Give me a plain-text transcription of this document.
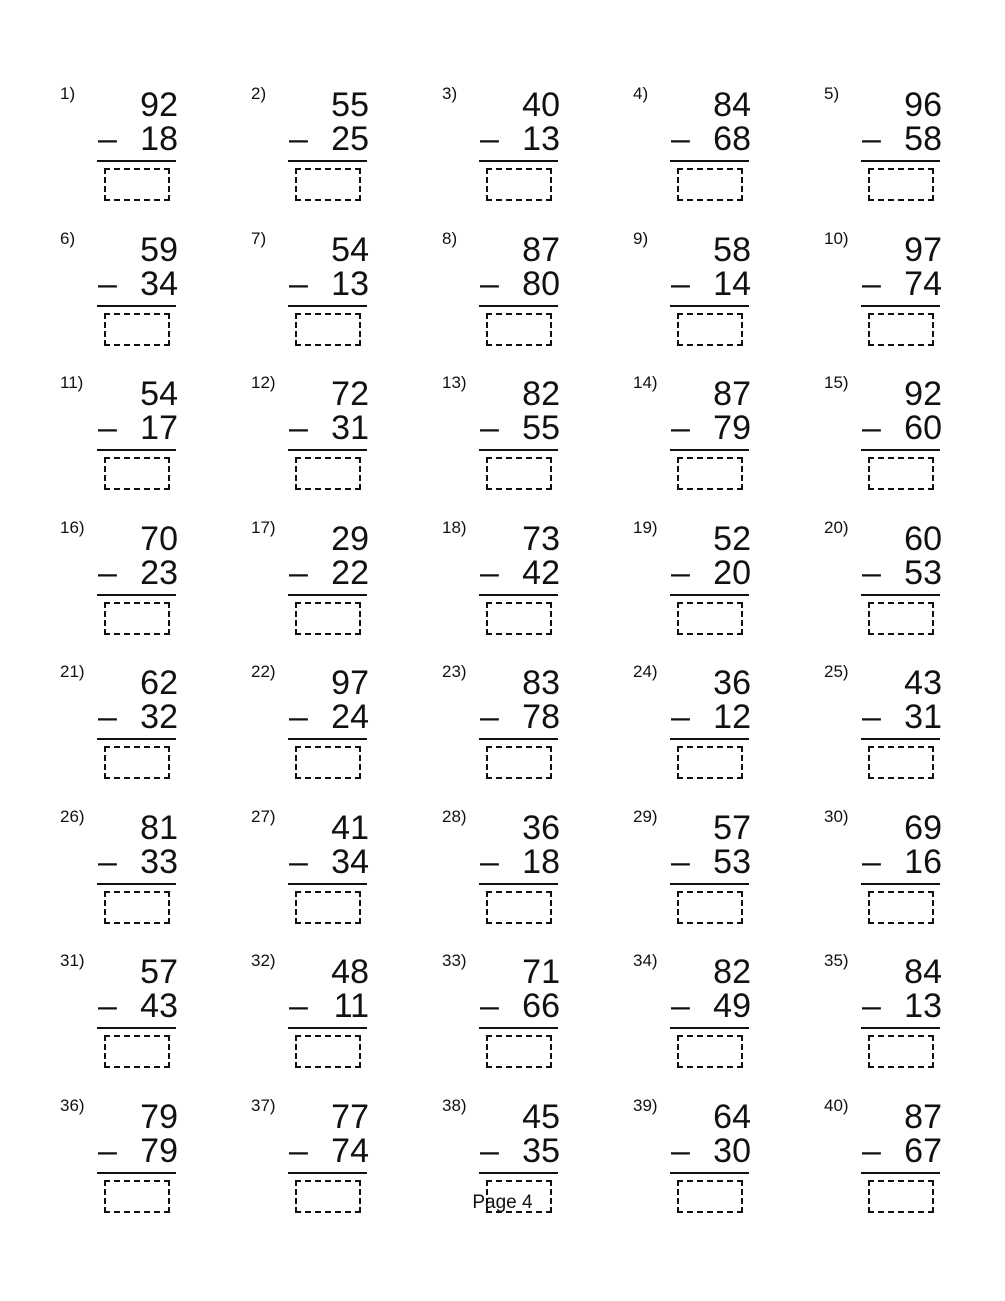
1) 92
– 18
2) 55
– 25
3) 40
– 13
4) 84
– 68
5) 96
– 58
6) 59
– 34
7) 54
– 13
8) 87
– 80
9) 58
– 14
10) 97
– 74
11) 54
– 17
12) 72
– 31
13) 82
– 55
14) 87
– 79
15) 92
– 60
16) 70
– 23
17) 29
– 22
18) 73
– 42
19) 52
– 20
20) 60
– 53
21) 62
– 32
22) 97
– 24
23) 83
– 78
24) 36
– 12
25) 43
– 31
26) 81
– 33
27) 41
– 34
28) 36
– 18
29) 57
– 53
30) 69
– 16
31) 57
– 43
32) 48
– 11
33) 71
– 66
34) 82
– 49
35) 84
– 13
36) 79
– 79
37) 77
– 74
38) 45
– 35
39) 64
– 30
40) 87
– 67
Page 4
